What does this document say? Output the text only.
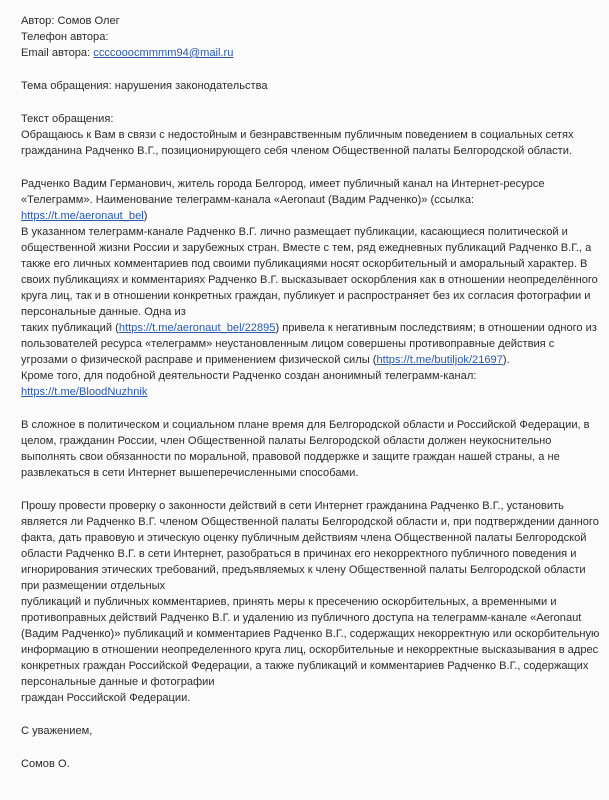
Автор: Сомов Олег
Телефон автора:
Email автора: ccccooocmmmm94@mail.ru
Тема обращения: нарушения законодательства
Текст обращения:
Обращаюсь к Вам в связи с недостойным и безнравственным публичным поведением в социальных сетях
гражданина Радченко В.Г., позиционирующего себя членом Общественной палаты Белгородской области.
Радченко Вадим Германович, житель города Белгород, имеет публичный канал на Интернет-ресурсе
«Телеграмм». Наименование телеграмм-канала «Aeronaut (Вадим Радченко)» (ссылка:
https://t.me/aeronaut_bel)
В указанном телеграмм-канале Радченко В.Г. лично размещает публикации, касающиеся политической и
общественной жизни России и зарубежных стран. Вместе с тем, ряд ежедневных публикаций Радченко В.Г., а
также его личных комментариев под своими публикациями носят оскорбительный и аморальный характер. В
своих публикациях и комментариях Радченко В.Г. высказывает оскорбления как в отношении неопределённого
круга лиц, так и в отношении конкретных граждан, публикует и распространяет без их согласия фотографии и
персональные данные. Одна из
таких публикаций (https://t.me/aeronaut_bel/22895) привела к негативным последствиям; в отношении одного из
пользователей ресурса «телеграмм» неустановленным лицом совершены противоправные действия с
угрозами о физической расправе и применением физической силы (https://t.me/butiljok/21697).
Кроме того, для подобной деятельности Радченко создан анонимный телеграмм-канал:
https://t.me/BloodNuzhnik
В сложное в политическом и социальном плане время для Белгородской области и Российской Федерации, в
целом, гражданин России, член Общественной палаты Белгородской области должен неукоснительно
выполнять свои обязанности по моральной, правовой поддержке и защите граждан нашей страны, а не
развлекаться в сети Интернет вышеперечисленными способами.
Прошу провести проверку о законности действий в сети Интернет гражданина Радченко В.Г., установить
является ли Радченко В.Г. членом Общественной палаты Белгородской области и, при подтверждении данного
факта, дать правовую и этическую оценку публичным действиям члена Общественной палаты Белгородской
области Радченко В.Г. в сети Интернет, разобраться в причинах его некорректного публичного поведения и
игнорирования этических требований, предъявляемых к члену Общественной палаты Белгородской области
при размещении отдельных
публикаций и публичных комментариев, принять меры к пресечению оскорбительных, а временными и
противоправных действий Радченко В.Г. и удалению из публичного доступа на телеграмм-канале «Aeronaut
(Вадим Радченко)» публикаций и комментариев Радченко В.Г., содержащих некорректную или оскорбительную
информацию в отношении неопределенного круга лиц, оскорбительные и некорректные высказывания в адрес
конкретных граждан Российской Федерации, а также публикаций и комментариев Радченко В.Г., содержащих
персональные данные и фотографии
граждан Российской Федерации.
С уважением,
Сомов О.
